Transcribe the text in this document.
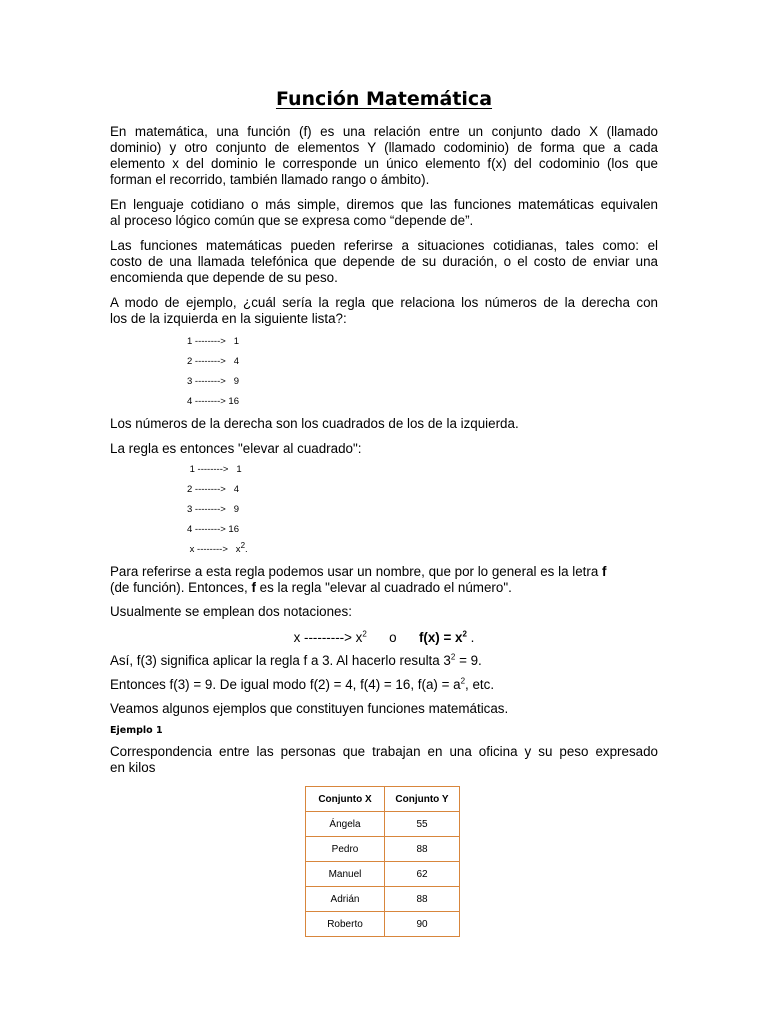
Función Matemática
En matemática, una función (f) es una relación entre un conjunto dado X (llamado
dominio) y otro conjunto de elementos Y (llamado codominio) de forma que a cada
elemento x del dominio le corresponde un único elemento f(x) del codominio (los que
forman el recorrido, también llamado rango o ámbito).
En lenguaje cotidiano o más simple, diremos que las funciones matemáticas equivalen
al proceso lógico común que se expresa como “depende de”.
Las funciones matemáticas pueden referirse a situaciones cotidianas, tales como: el
costo de una llamada telefónica que depende de su duración, o el costo de enviar una
encomienda que depende de su peso.
A modo de ejemplo, ¿cuál sería la regla que relaciona los números de la derecha con
los de la izquierda en la siguiente lista?:
1 -------->   1
2 -------->   4
3 -------->   9
4 --------> 16
Los números de la derecha son los cuadrados de los de la izquierda.
La regla es entonces "elevar al cuadrado":
1 -------->   1
2 -------->   4
3 -------->   9
4 --------> 16
x -------->   $x^2$.
Para referirse a esta regla podemos usar un nombre, que por lo general es la letra f
(de función). Entonces, f es la regla "elevar al cuadrado el número".
Usualmente se emplean dos notaciones:
x ---------> $x^2$      o      $f(x) = x^2$ .
Así, f(3) significa aplicar la regla f a 3. Al hacerlo resulta $3^2 = 9$.
Entonces f(3) = 9. De igual modo f(2) = 4, f(4) = 16, $f(a) = a^2$, etc.
Veamos algunos ejemplos que constituyen funciones matemáticas.
Ejemplo 1
Correspondencia entre las personas que trabajan en una oficina y su peso expresado
en kilos
Conjunto X	Conjunto Y
Ángela	55
Pedro	88
Manuel	62
Adrián	88
Roberto	90
